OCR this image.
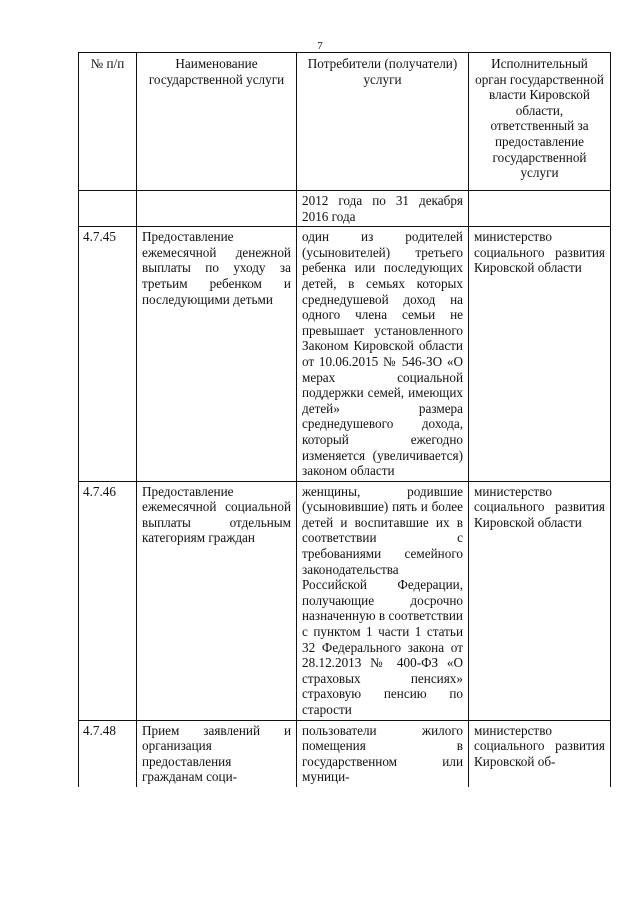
7
№ п/п	Наименование государственной услуги	Потребители (получатели) услуги	Исполнительный орган государственной власти Кировской области, ответственный за предоставление государственной услуги
		2012 года по 31 декабря 2016 года	
4.7.45	Предоставление ежемесячной денежной выплаты по уходу за третьим ребенком и последующими детьми	один из родителей (усыновителей) третьего ребенка или последующих детей, в семьях которых среднедушевой доход на одного члена семьи не превышает установленного Законом Кировской области от 10.06.2015 № 546-ЗО «О мерах социальной поддержки семей, имеющих детей» размера среднедушевого дохода, который ежегодно изменяется (увеличивается) законом области	министерство социального развития Кировской области
4.7.46	Предоставление ежемесячной социальной выплаты отдельным категориям граждан	женщины, родившие (усыновившие) пять и более детей и воспитавшие их в соответствии с требованиями семейного законодательства Российской Федерации, получающие досрочно назначенную в соответствии с пунктом 1 части 1 статьи 32 Федерального закона от 28.12.2013 № 400-ФЗ «О страховых пенсиях» страховую пенсию по старости	министерство социального развития Кировской области
4.7.48	Прием заявлений и организация предоставления гражданам соци-	пользователи жилого помещения в государственном или муници-	министерство социального развития Кировской об-
